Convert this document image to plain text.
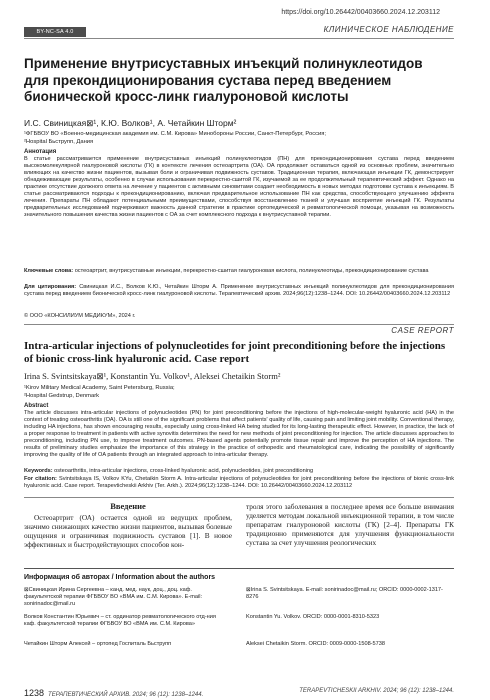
https://doi.org/10.26442/00403660.2024.12.203112
BY-NC-SA 4.0	КЛИНИЧЕСКОЕ НАБЛЮДЕНИЕ
Применение внутрисуставных инъекций полинуклеотидов для прекондиционирования сустава перед введением бионической кросс-линк гиалуроновой кислоты
И.С. Свиницкая⊠¹, К.Ю. Волков¹, А. Четайкин Шторм²
¹ФГБВОУ ВО «Военно-медицинская академия им. С.М. Кирова» Минобороны России, Санкт-Петербург, Россия;
²Hospital Бьструпп, Дания
Аннотация
В статье рассматривается применение внутрисуставных инъекций полинуклеотидов (ПН) для прекондиционирования сустава перед введением высокомолекулярной гиалуроновой кислоты (ГК) в контексте лечения остеоартрита (ОА). ОА продолжает оставаться одной из основных проблем, значительно влияющих на качество жизни пациентов, вызывая боли и ограничивая подвижность суставов. Традиционная терапия, включающая инъекции ГК, демонстрирует обнадеживающие результаты, особенно в случае использования перекрестно-сшитой ГК, изучаемой за ее продолжительный терапевтический эффект. Однако на практике отсутствие должного ответа на лечение у пациентов с активными синовитами создает необходимость в новых методах подготовки сустава к инъекциям. В статье рассматриваются подходы к прекондиционированию, включая предварительное использование ПН как средства, способствующего улучшению эффекта лечения. Препараты ПН обладают потенциальными преимуществами, способствуя восстановлению тканей и улучшая восприятие инъекций ГК. Результаты предварительных исследований подчеркивают важность данной стратегии в практике ортопедической и ревматологической помощи, указывая на возможность значительного повышения качества жизни пациентов с ОА за счет комплексного подхода к внутрисуставной терапии.
Ключевые слова: остеоартрит, внутрисуставные инъекции, перекрестно-сшитая гиалуроновая кислота, полинуклеотиды, прекондиционирование сустава
Для цитирования: Свиницкая И.С., Волков К.Ю., Четайкин Шторм А. Применение внутрисуставных инъекций полинуклеотидов для прекондиционирования сустава перед введением бионической кросс-линк гиалуроновой кислоты. Терапевтический архив. 2024;96(12):1238–1244. DOI: 10.26442/00403660.2024.12.203112
© ООО «КОНСИЛИУМ МЕДИКУМ», 2024 г.
CASE REPORT
Intra-articular injections of polynucleotides for joint preconditioning before the injections of bionic cross-link hyaluronic acid. Case report
Irina S. Svintsitskaya⊠¹, Konstantin Yu. Volkov¹, Aleksei Chetaikin Storm²
¹Kirov Military Medical Academy, Saint Petersburg, Russia;
²Hospital Gedstrup, Denmark
Abstract
The article discusses intra-articular injections of polynucleotides (PN) for joint preconditioning before the injections of high-molecular-weight hyaluronic acid (HA) in the context of treating osteoarthritis (OA). OA is still one of the significant problems that affect patients' quality of life, causing pain and limiting joint mobility. Conventional therapy, including HA injections, has shown encouraging results, especially using cross-linked HA being studied for its long-lasting therapeutic effect. However, in practice, the lack of a proper response to treatment in patients with active synovitis determines the need for new methods of joint preconditioning for injection. The article discusses approaches to preconditioning, including PN use, to improve treatment outcomes. PN-based agents potentially promote tissue repair and improve the perception of HA injections. The results of preliminary studies emphasize the importance of this strategy in the practice of orthopedic and rheumatological care, indicating the possibility of significantly improving the quality of life of OA patients through an integrated approach to intra-articular therapy.
Keywords: osteoarthritis, intra-articular injections, cross-linked hyaluronic acid, polynucleotides, joint preconditioning
For citation: Svintsitskaya IS, Volkov KYu, Chetaikin Storm A. Intra-articular injections of polynucleotides for joint preconditioning before the injections of bionic cross-link hyaluronic acid. Case report. Terapevticheskii Arkhiv (Ter. Arkh.). 2024;96(12):1238–1244. DOI: 10.26442/00403660.2024.12.203112
Введение
Остеоартрит (ОА) остается одной из ведущих проблем, значимо снижающих качество жизни пациентов, вызывая болевые ощущения и ограничивая подвижность суставов [1]. В новое эффективных и быстродействующих способов кон-
троля этого заболевания в последнее время все больше внимания уделяется методам локальной инъекционной терапии, в том числе препаратам гиалуроновой кислоты (ГК) [2–4]. Препараты ГК традиционно применяются для улучшения функциональности сустава за счет улучшения реологических
Информация об авторах / Information about the authors
⊠Свиницкая Ирина Сергеевна – канд. мед. наук, доц., доц. каф. факультетской терапии ФГБВОУ ВО «ВМА им. С.М. Кирова». E-mail: sonirinadoc@mail.ru
⊠Irina S. Svintsitskaya. E-mail: sonirinadoc@mail.ru; ORCID: 0000-0002-1317-8276
Волков Константин Юрьевич – ст. ординатор ревматологического отд-ния каф. факультетской терапии ФГБВОУ ВО «ВМА им. С.М. Кирова»
Konstantin Yu. Volkov. ORCID: 0000-0001-8310-5323
Четайкин Шторм Алексей – ортопед Госпиталь Бьструпп	Aleksei Chetaikin Storm. ORCID: 0009-0000-1508-5738
1238 ТЕРАПЕВТИЧЕСКИЙ АРХИВ. 2024; 96 (12): 1238–1244.
TERAPEVTICHESKII ARKHIV. 2024; 96 (12): 1238–1244.
